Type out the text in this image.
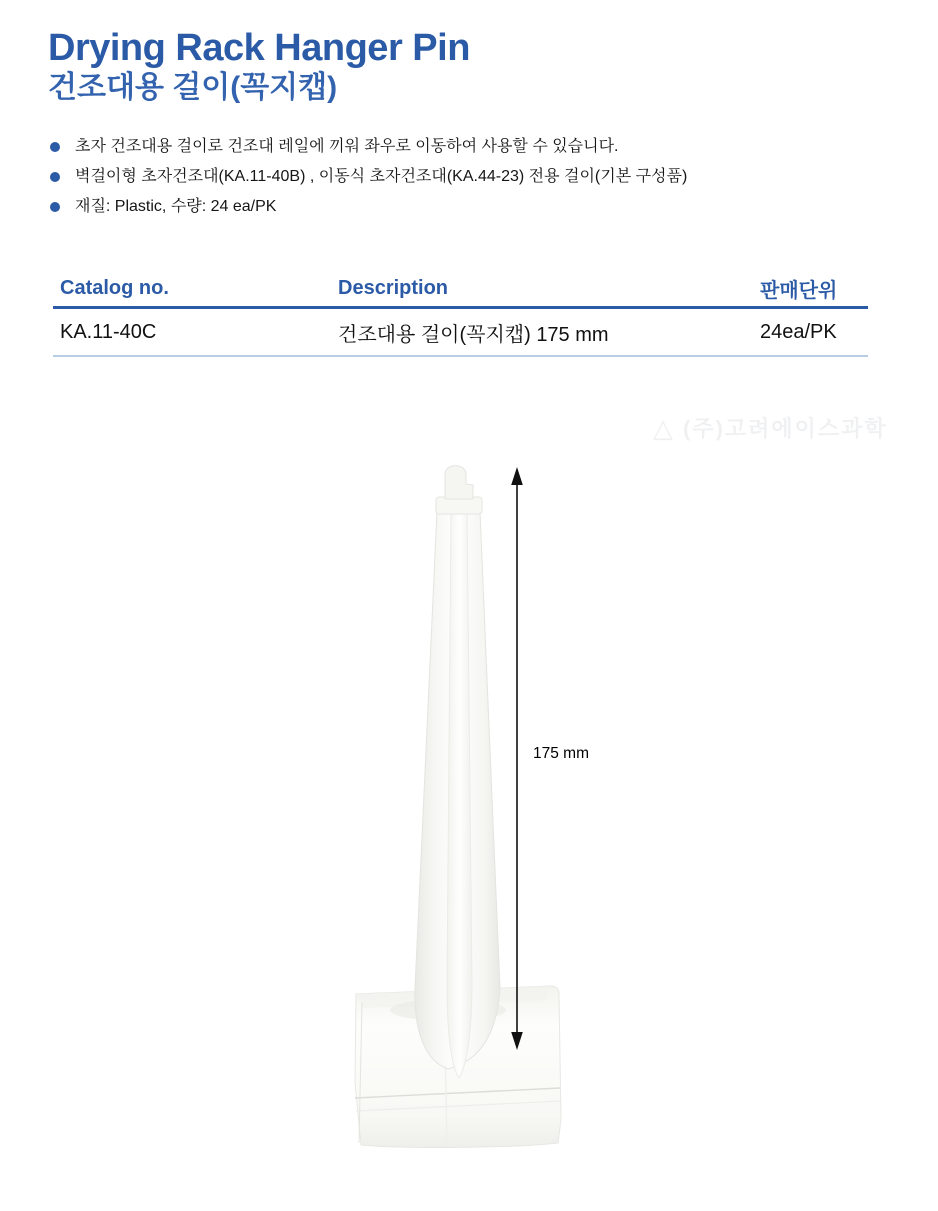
Drying Rack Hanger Pin
건조대용 걸이(꼭지캡)
초자 건조대용 걸이로 건조대 레일에 끼워 좌우로 이동하여 사용할 수 있습니다.
벽걸이형 초자건조대(KA.11-40B) , 이동식 초자건조대(KA.44-23) 전용 걸이(기본 구성품)
재질: Plastic, 수량: 24 ea/PK
Catalog no.	Description	판매단위
KA.11-40C	건조대용 걸이(꼭지캡) 175 mm	24ea/PK
△ (주)고려에이스과학
175 mm
